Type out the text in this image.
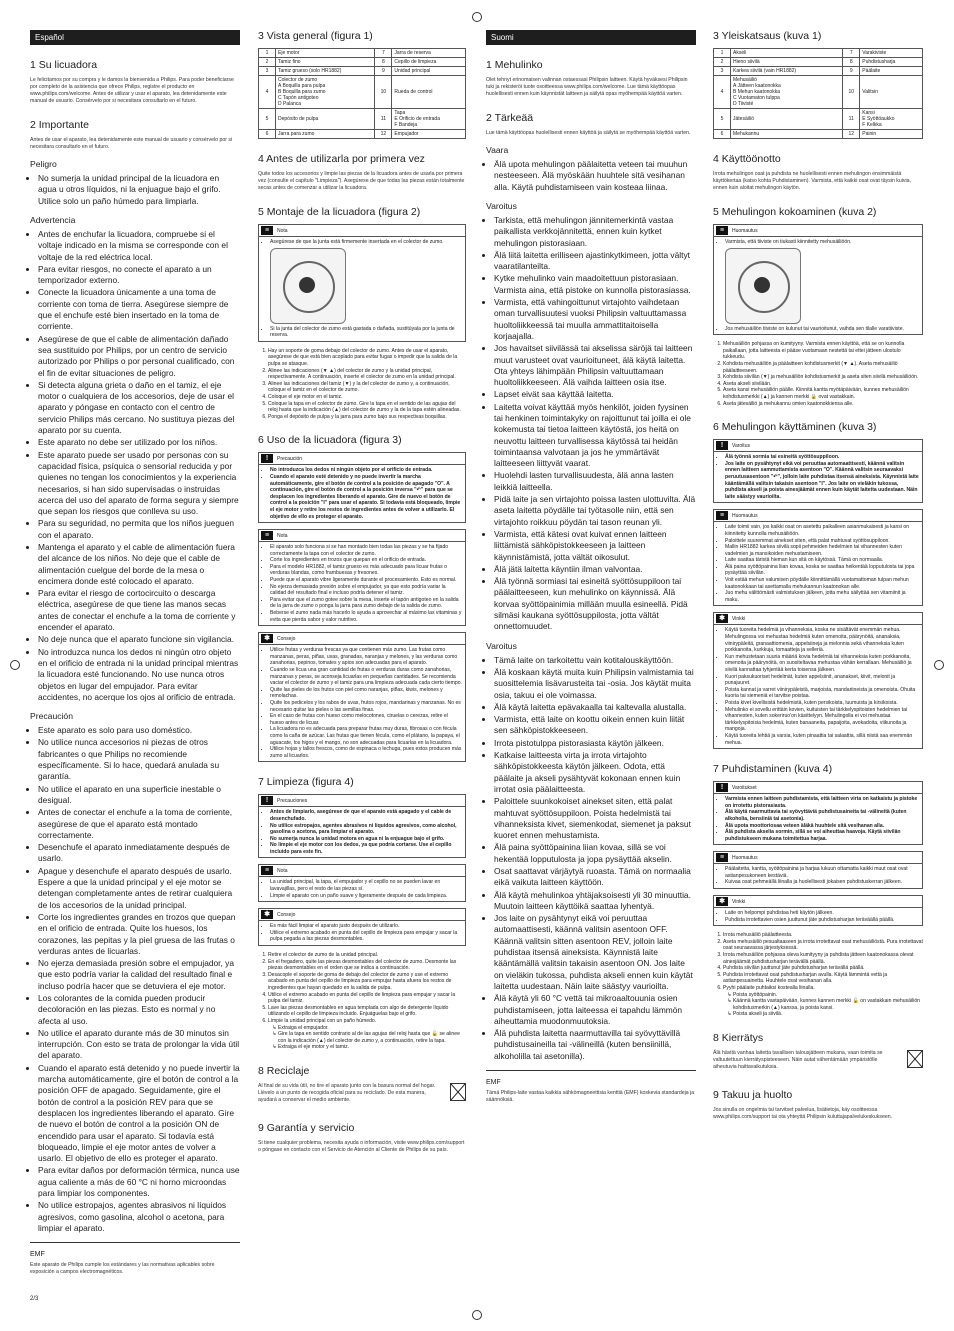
Español
1 Su licuadora

Le felicitamos por su compra y le damos la bienvenida a Philips. Para poder beneficiarse por completo de la asistencia que ofrece Philips, registre el producto en www.philips.com/welcome. Antes de utilizar y usar el aparato, lea detenidamente este manual de usuario. Consérvelo por si necesitara consultarlo en el futuro.

2 Importante

Antes de usar el aparato, lea detenidamente este manual de usuario y consérvelo por si necesitara consultarlo en el futuro.

Peligro
• No sumerja la unidad principal de la licuadora en agua u otros líquidos, ni la enjuague bajo el grifo. Utilice solo un paño húmedo para limpiarla.
Advertencia
• Antes de enchufar la licuadora, compruebe si el voltaje indicado en la misma se corresponde con el voltaje de la red eléctrica local.
• Para evitar riesgos, no conecte el aparato a un temporizador externo.
• Conecte la licuadora únicamente a una toma de corriente con toma de tierra. Asegúrese siempre de que el enchufe esté bien insertado en la toma de corriente.
• Asegúrese de que el cable de alimentación dañado sea sustituido por Philips, por un centro de servicio autorizado por Philips o por personal cualificado, con el fin de evitar situaciones de peligro.
• Si detecta alguna grieta o daño en el tamiz, el eje motor o cualquiera de los accesorios, deje de usar el aparato y póngase en contacto con el centro de servicio Philips más cercano. No sustituya piezas del aparato por su cuenta.
• Este aparato no debe ser utilizado por los niños.
• Este aparato puede ser usado por personas con su capacidad física, psíquica o sensorial reducida y por quienes no tengan los conocimientos y la experiencia necesarios, si han sido supervisadas o instruidas acerca del uso del aparato de forma segura y siempre que sepan los riesgos que conlleva su uso.
• Para su seguridad, no permita que los niños jueguen con el aparato.
• Mantenga el aparato y el cable de alimentación fuera del alcance de los niños. No deje que el cable de alimentación cuelgue del borde de la mesa o encimera donde esté colocado el aparato.
• Para evitar el riesgo de cortocircuito o descarga eléctrica, asegúrese de que tiene las manos secas antes de conectar el enchufe a la toma de corriente y encender el aparato.
• No deje nunca que el aparato funcione sin vigilancia.
• No introduzca nunca los dedos ni ningún otro objeto en el orificio de entrada ni la unidad principal mientras la licuadora esté funcionando. No use nunca otros objetos en lugar del empujador. Para evitar accidentes, no acerque los ojos al orificio de entrada.
Precaución
• Este aparato es solo para uso doméstico.
• No utilice nunca accesorios ni piezas de otros fabricantes o que Philips no recomiende específicamente. Si lo hace, quedará anulada su garantía.
• No utilice el aparato en una superficie inestable o desigual.
• Antes de conectar el enchufe a la toma de corriente, asegúrese de que el aparato está montado correctamente.
• Desenchufe el aparato inmediatamente después de usarlo.
• Apague y desenchufe el aparato después de usarlo. Espere a que la unidad principal y el eje motor se detengan completamente antes de retirar cualquiera de los accesorios de la unidad principal.
• Corte los ingredientes grandes en trozos que quepan en el orificio de entrada. Quite los huesos, los corazones, las pepitas y la piel gruesa de las frutas o verduras antes de licuarlas.
• No ejerza demasiada presión sobre el empujador, ya que esto podría variar la calidad del resultado final e incluso podría hacer que se detuviera el eje motor.
• Los colorantes de la comida pueden producir decoloración en las piezas. Esto es normal y no afecta al uso.
• No utilice el aparato durante más de 30 minutos sin interrupción. Con esto se trata de prolongar la vida útil del aparato.
• Cuando el aparato está detenido y no puede invertir la marcha automáticamente, gire el botón de control a la posición OFF de apagado. Seguidamente, gire el botón de control a la posición REV para que se desplacen los ingredientes liberando el aparato. Gire de nuevo el botón de control a la posición ON de encendido para usar el aparato. Si todavía está bloqueado, limpie el eje motor antes de volver a usarlo. El objetivo de ello es proteger el aparato.
• Para evitar daños por deformación térmica, nunca use agua caliente a más de 60 °C ni horno microondas para limpiar los componentes.
• No utilice estropajos, agentes abrasivos ni líquidos agresivos, como gasolina, alcohol o acetona, para limpiar el aparato.
EMF

Este aparato de Philips cumple los estándares y las normativas aplicables sobre exposición a campos electromagnéticos.

3 Vista general (figura 1)
1	Eje motor	7	Jarra de reserva
2	Tamiz fino	8	Cepillo de limpieza
3	Tamiz grueso (solo HR1882)	9	Unidad principal
4	Colector de zumo
A Boquilla para pulpa
B Boquilla para zumo
C Tapón antigoteo
D Palanca	10	Rueda de control
5	Depósito de pulpa	11	Tapa
E Orificio de entrada
F Bandeja
6	Jarra para zumo	12	Empujador
4 Antes de utilizarla por primera vez

Quite todos los accesorios y limpie las piezas de la licuadora antes de usarla por primera vez (consulte el capítulo "Limpieza"). Asegúrese de que todas las piezas están totalmente secas antes de comenzar a utilizar la licuadora.

5 Montaje de la licuadora (figura 2)
≡	Nota
• Asegúrese de que la junta está firmemente insertada en el colector de zumo.
• Si la junta del colector de zumo está gastada o dañada, sustitúyala por la junta de reserva.
1. Hay un soporte de goma debajo del colector de zumo. Antes de usar el aparato, asegúrese de que está bien acoplado para evitar fugas o impedir que la salida de la pulpa se atasque.
2. Alinee las indicaciones (▼ ▲) del colector de zumo y la unidad principal, respectivamente. A continuación, inserte el colector de zumo en la unidad principal.
3. Alinee las indicaciones del tamiz (▼) y la del colector de zumo y, a continuación, coloque el tamiz en el colector de zumo.
4. Coloque el eje motor en el tamiz.
5. Coloque la tapa en el colector de zumo. Gire la tapa en el sentido de las agujas del reloj hasta que la indicación (▲) del colector de zumo y la de la tapa estén alineadas.
6. Ponga el depósito de pulpa y la jarra para zumo bajo sus respectivas boquillas.
6 Uso de la licuadora (figura 3)
!	Precaución
• No introduzca los dedos ni ningún objeto por el orificio de entrada.
• Cuando el aparato esté detenido y no puede invertir la marcha automáticamente, gire el botón de control a la posición de apagado "O". A continuación, gire el botón de control a la posición inversa "↶" para que se desplacen los ingredientes liberando el aparato. Gire de nuevo el botón de control a la posición "I" para usar el aparato. Si todavía está bloqueado, limpie el eje motor y retire los restos de ingredientes antes de volver a utilizarlo. El objetivo de ello es proteger el aparato.
≡	Nota
• El aparato solo funciona si se han montado bien todas las piezas y se ha fijado correctamente la tapa con el colector de zumo.
• Corte los ingredientes en trozos que quepan en el orificio de entrada.
• Para el modelo HR1882, el tamiz grueso es más adecuado para licuar frutas o verduras blandas, como frambuesas y fresones.
• Puede que el aparato vibre ligeramente durante el procesamiento. Esto es normal.
• No ejerza demasiada presión sobre el empujador, ya que esto podría variar la calidad del resultado final e incluso podría detener el tamiz.
• Para evitar que el zumo gotee sobre la mesa, inserte el tapón antigoteo en la salida de la jarra de zumo o ponga la jarra para zumo debajo de la salida de zumo.
• Beberse el zumo nada más hacerlo lo ayuda a aprovechar al máximo las vitaminas y evita que pierda sabor y valor nutritivo.
✱	Consejo
• Utilice frutas y verduras frescas ya que contienen más zumo. Las frutas como manzanas, peras, piñas, uvas, granadas, naranjas y melones, y las verduras como zanahorias, pepinos, tomates y apios son adecuadas para el aparato.
• Cuando se licua una gran cantidad de frutas o verduras duras como zanahorias, manzanas y peras, se aconseja licuarlas en pequeñas cantidades. Se recomienda vaciar el colector de zumo y el tamiz para una limpieza adecuada cada cierto tiempo.
• Quite las pieles de los frutos con piel como naranjas, piñas, kiwis, melones y remolachas.
• Quite los pedicelos y los rabos de uvas, frutos rojos, mandarinas y manzanas. No es necesario quitar las pieles o las semillas finas.
• En el caso de frutas con hueso como melocotones, ciruelas o cerezas, retire el hueso antes de licuar.
• La licuadora no es adecuada para preparar frutas muy duras, fibrosas o con fécula como la caña de azúcar. Las frutas que tienen fécula, como el plátano, la papaya, el aguacate, los higos y el mango, no son adecuadas para licuarlas en la licuadora.
• Utilice hojas y tallos frescos, como de espinaca o lechuga, pues estos producen más zumo al licuarlos.
7 Limpieza (figura 4)
!	Precauciones
• Antes de limpiarlo, asegúrese de que el aparato está apagado y el cable de desenchufado.
• No utilice estropajos, agentes abrasivos ni líquidos agresivos, como alcohol, gasolina o acetona, para limpiar el aparato.
• No sumerja nunca la unidad motora en agua ni la enjuague bajo el grifo.
• No limpie el eje motor con los dedos, ya que podría cortarse. Use el cepillo incluido para este fin.
≡	Nota
• La unidad principal, la tapa, el empujador y el cepillo no se pueden lavar en lavavajillas, pero el resto de las piezas sí.
• Limpie el aparato con un paño suave y ligeramente después de cada limpieza.
✱	Consejo
• Es más fácil limpiar el aparato justo después de utilizarlo.
• Utilice el extremo acabado en punta del cepillo de limpieza para empujar y sacar la pulpa pegada a las piezas desmontables.
1. Retire el colector de zumo de la unidad principal.
2. En el fregadero, quite las piezas desmontables del colector de zumo. Desmonte las piezas desmontables en el orden que se indica a continuación.
3. Desacople el soporte de goma de debajo del colector de zumo y use el extremo acabado en punta del cepillo de limpieza para empujar hasta afuera los restos de ingredientes que hayan quedado en la salida de pulpa.
4. Utilice el extremo acabado en punta del cepillo de limpieza para empujar y sacar la pulpa del tamiz.
5. Lave las piezas desmontables en agua templada con algo de detergente líquido utilizando el cepillo de limpieza incluido. Enjuáguelas bajo el grifo.
6. Limpie la unidad principal con un paño húmedo.
↳ Extraiga el empujador.
↳ Gire la tapa en sentido contrario al de las agujas del reloj hasta que 🔓 se alinee con la indicación (▲) del colector de zumo y, a continuación, retire la tapa.
↳ Extraiga el eje motor y el tamiz.
8 Reciclaje

Al final de su vida útil, no tire el aparato junto con la basura normal del hogar. Llévelo a un punto de recogida oficial para su reciclado. De esta manera, ayudará a conservar el medio ambiente.

9 Garantía y servicio

Si tiene cualquier problema, necesita ayuda o información, visite www.philips.com/support o póngase en contacto con el Servicio de Atención al Cliente de Philips de su país.

Suomi
1 Mehulinko

Olet tehnyt erinomaisen valinnan ostaessasi Philipsin laitteen. Käytä hyväksesi Philipsin tuki ja rekisteröi tuote osoitteessa www.philips.com/welcome. Lue tämä käyttöopas huolellisesti ennen kuin käynnistät laitteen ja säilytä opas myöhempää käyttöä varten.

2 Tärkeää

Lue tämä käyttöopas huolellisesti ennen käyttöä ja säilytä se myöhempää käyttöä varten.

Vaara
• Älä upota mehulingon päälaitetta veteen tai muuhun nesteeseen. Älä myöskään huuhtele sitä vesihanan alla. Käytä puhdistamiseen vain kosteaa liinaa.
Varoitus
• Tarkista, että mehulingon jännitemerkintä vastaa paikallista verkkojännitettä, ennen kuin kytket mehulingon pistorasiaan.
• Älä liitä laitetta erilliseen ajastinkytkimeen, jotta vältyt vaaratilanteilta.
• Kytke mehulinko vain maadoitettuun pistorasiaan. Varmista aina, että pistoke on kunnolla pistorasiassa.
• Varmista, että vahingoittunut virtajohto vaihdetaan oman turvallisuutesi vuoksi Philipsin valtuuttamassa huoltoliikkeessä tai muulla ammattitaitoisella korjaajalla.
• Jos havaitset siivilässä tai akselissa säröjä tai laitteen muut varusteet ovat vaurioituneet, älä käytä laitetta. Ota yhteys lähimpään Philipsin valtuuttamaan huoltoliikkeeseen. Älä vaihda laitteen osia itse.
• Lapset eivät saa käyttää laitetta.
• Laitetta voivat käyttää myös henkilöt, joiden fyysinen tai henkinen toimintakyky on rajoittunut tai joilla ei ole kokemusta tai tietoa laitteen käytöstä, jos heitä on neuvottu laitteen turvallisessa käytössä tai heidän toimintaansa valvotaan ja jos he ymmärtävät laitteeseen liittyvät vaarat.
• Huolehdi lasten turvallisuudesta, älä anna lasten leikkiä laitteella.
• Pidä laite ja sen virtajohto poissa lasten ulottuvilta. Älä aseta laitetta pöydälle tai työtasolle niin, että sen virtajohto roikkuu pöydän tai tason reunan yli.
• Varmista, että kätesi ovat kuivat ennen laitteen liittämistä sähköpistokkeeseen ja laitteen käynnistämistä, jotta vältät oikosulut.
• Älä jätä laitetta käyntiin ilman valvontaa.
• Älä työnnä sormiasi tai esineitä syöttösuppiloon tai päälaitteeseen, kun mehulinko on käynnissä. Älä korvaa syöttöpainimia millään muulla esineellä. Pidä silmäsi kaukana syöttösuppilosta, jotta vältät onnettomuudet.
Varoitus
• Tämä laite on tarkoitettu vain kotitalouskäyttöön.
• Älä koskaan käytä muita kuin Philipsin valmistamia tai suosittelemia lisävarusteita tai -osia. Jos käytät muita osia, takuu ei ole voimassa.
• Älä käytä laitetta epävakaalla tai kaltevalla alustalla.
• Varmista, että laite on koottu oikein ennen kuin liität sen sähköpistokkeeseen.
• Irrota pistotulppa pistorasiasta käytön jälkeen.
• Katkaise laitteesta virta ja irrota virtajohto sähköpistokkeesta käytön jälkeen. Odota, että päälaite ja akseli pysähtyvät kokonaan ennen kuin irrotat osia päälaitteesta.
• Paloittele suunkokoiset ainekset siten, että palat mahtuvat syöttösuppiloon. Poista hedelmistä tai vihanneksista kivet, siemenkodat, siemenet ja paksut kuoret ennen mehustamista.
• Älä paina syöttöpainina liian kovaa, sillä se voi hekentää lopputulosta ja jopa pysäyttää akselin.
• Osat saattavat värjäytyä ruoasta. Tämä on normaalia eikä vaikuta laitteen käyttöön.
• Älä käytä mehulinkoa yhtäjaksoisesti yli 30 minuuttia. Muutoin laitteen käyttöikä saattaa lyhentyä.
• Jos laite on pysähtynyt eikä voi peruuttaa automaattisesti, käännä valitsin asentoon OFF. Käännä valitsin sitten asentoon REV, jolloin laite puhdistaa itsensä aineksista. Käynnistä laite kääntämällä valitsin takaisin asentoon ON. Jos laite on vieläkin tukossa, puhdista akseli ennen kuin käytät laitetta uudestaan. Näin laite säästyy vaurioilta.
• Älä käytä yli 60 °C vettä tai mikroaaltouunia osien puhdistamiseen, jotta laiteessa ei tapahdu lämmön aiheuttamia muodonmuutoksia.
• Älä puhdista laitetta naarmuttavilla tai syövyttävillä puhdistusaineilla tai -välineillä (kuten bensiinillä, alkoholilla tai asetonilla).
EMF

Tämä Philips-laite vastaa kaikkia sähkömagneettisia kenttiä (EMF) koskevia standardeja ja säännöksiä.

3 Yleiskatsaus (kuva 1)
1	Akseli	7	Varakiviste
2	Hieno siivilä	8	Puhdistusharja
3	Karkea siivilä (vain HR1882)	9	Päälaite
4	Mehusäiliö
A Jätteen kaatonokka
B Mehun kaatonokka
C Vuotamaton tulppa
D Tiivisté	10	Valitsin
5	Jätesäiliö	11	Kansi
E Syöttöaukko
F Kelkka
6	Mehukannu	12	Painin
4 Käyttöönotto

Irrota mehulingon osat ja puhdista ne huolellisesti ennen mehulingon ensimmäistä käyttökertaa (katso kohta Puhdistaminen). Varmista, että kaikki osat ovat täysin kuivia, ennen kuin aloitat mehulingon käytön.

5 Mehulingon kokoaminen (kuva 2)
≡	Huomautus
• Varmista, että tiiviste on tiukasti kiinnitetty mehusäiliöön.
• Jos mehusäiliön tiiviste on kulunut tai vaurioitunut, vaihda sen tilalle varatiiviste.
1. Mehusäiliön pohjassa on kumityyny. Varmista ennen käyttöä, että se on kunnolla paikallaan, jotta laitteesta ei pääse vuotamaan nestettä tai ettei jätteen ulostulo tukkeudu.
2. Kohdista mehusäiliön ja päälaitteen kohdistusmerkit (▼ ▲). Aseta mehusäiliö päälaitteeseen.
3. Kohdista siivilän (▼) ja mehusäiliön kohdistusmerkit ja aseta siten siivilä mehusäiliöön.
4. Aseta akseli siivilään.
5. Aseta kansi mehusäiliön päälle. Kiinnitä kantta myötäpäivään, kunnes mehusäiliön kohdistusmerkki (▲) ja kannen merkki 🔒 ovat vastakkain.
6. Aseta jätesäiliö ja mehukannu omien kaatonokkiensa alle.
6 Mehulingon käyttäminen (kuva 3)
!	Varoitus
• Älä työnnä sormia tai esineitä syöttösuppiloon.
• Jos laite on pysähtynyt eikä voi peruuttaa automaattisesti, käännä valitsin ennen laitteen sammuttamista asentoon "O". Käännä valitsin seuraavaksi peruutusasentoon "↶", jolloin laite puhdistaa itsensä aineksista. Käynnistä laite kääntämällä valitsin takaisin asentoon "I". Jos laite on vieläkin tukossa, puhdista akseli ja poista ainesjäämät ennen kuin käytät laitetta uudestaan. Näin laite säästyy vaurioilta.
≡	Huomautus
• Laite toimii vain, jos kaikki osat on asetettu paikalleen asianmukaisesti ja kansi on kiinnitetty kunnolla mehusäiliöön.
• Paloittele suuremmat ainekset siten, että palat mahtuvat syöttösuppiloon.
• Mallin HR1882 karkea siivilä sopii pehmeiden hedelmien tai vihannesten kuten vadelmien ja mansikoiden mehustamiseen.
• Laite saattaa täristä hieman kun sitä on käytössä. Tämä on normaalia.
• Älä paina syöttöpainina liian kovaa, koska se saattaa heikentää lopputulosta tai jopa pysäyttää siivilän.
• Voit estää mehun valumisen pöydälle kiinnittämällä vuotamattoman tulpan mehun kaatonokkaan tai asettamalla mehukannun kaatonokan alle.
• Juo mehu välittömästi valmistuksen jälkeen, jotta mehu säilyttää sen vitamiinit ja maku.
✱	Vinkki
• Käytä tuoreita hedelmiä ja vihanneksia, koska ne sisältävät enemmän mehua. Mehulingossa voi mehustaa hedelmiä kuten omenoita, päärynöitä, ananaksia, viinirypäleitä, granaattiomenia, appelsiineja ja melonnia sekä vihanneksia kuten porkkanoita, kurkkuja, tomaatteja ja selleriä.
• Kun mehustetaan suuria määriä kovia hedelmiä tai vihanneksia kuten porkkanoita, omenoita ja päärynöitä, on suositeltavaa mehustaa vähän kerrallaan. Mehusäiliö ja siivilä kannattaa tyhjentää kerta toisensa jälkeen.
• Kuori paksukuoriset hedelmät, kuten appelsiinit, ananakset, kiivit, melonit ja punajuuret.
• Poista kannat ja varret viinirypäleistä, marjoista, mandariineista ja omenoista. Ohuita kuoria tai siemeniä ei tarvitse poistaa.
• Poista kivet kivellisistä hedelmistä, kuten persikoista, luumuista ja kirsikoista.
• Mehulinko ei sovellu erittäin kovien, kuituisten tai tärkkelyspitoisten hedelmien tai vihannesten, kuten sokeriruo'on käsittelyyn. Mehulingolla ei voi mehustaa tärkkelyspitoisia hedelmiä, kuten banaaneita, papaijoita, avokadoita, viikunoita ja mangoja.
• Käytä tuoreita lehtiä ja varsia, kuten pinaattia tai salaattia, sillä niistä saa enemmän mehua.
7 Puhdistaminen (kuva 4)
!	Varoitukset
• Varmista ennen laitteen puhdistamista, että laitteen virta on katkaistu ja pistoke on irrotettu pistorasiasta.
• Älä käytä naarmuttavia tai syövyttäviä puhdistusaineita tai -välineitä (kuten alkoholia, bensiiniä tai asetonia).
• Älä upota moottoriosaa veteen äläkä huuhtele sitä vesihanan alla.
• Älä puhdista akselia sormin, sillä se voi aiheuttaa haavoja. Käytä siivilän puhdistukseen mukana toimitettua harjaa.
≡	Huomautus
• Päälaitetta, kantta, syöttöpainina ja harjaa lukuun ottamatta kaikki muut osat ovat astianpesukoneen kestäviä.
• Kuivaa osat pehmeällä liinalla ja huolellisesti jokaisen puhdistuskerran jälkeen.
✱	Vinkki
• Laite on helpompi puhdistaa heti käytön jälkeen.
• Puhdista irrotettavien osien juuttunut jäte puhdistusharjan teräväällä päällä.
1. Irrota mehusäiliö päälaitteesta.
2. Aseta mehusäiliö pesualtaaseen ja irrota irrotettavat osat mehusäiliöstä. Pura irrotettavat osat seuraavassa järjestyksessä.
3. Irrota mehusäiliön pohjassa oleva kumityyny ja puhdista jätteen kaatonokassa olevat ainesjäämät puhdistusharjan terävällä päällä.
4. Puhdista siivilän juuttunut jäte puhdistusharjan terävällä päällä.
5. Puhdista irrotettavat osat puhdistusharjan avulla. Käytä lämmintä vettä ja astianpesuainetta. Huuhtele osat vesihanan alla.
6. Pyyhi päälaite puhtaiksi kostealla liinalla.
↳ Poista syöttöpainin.
↳ Käännä kantta vastapäivään, kunnes kannen merkki 🔓 on vastakkain mehusäiliön kohdistusmerkin (▲) kanssa, ja poista kansi.
↳ Poista akseli ja siivilä.
8 Kierrätys

Älä hävitä vanhaa laitetta tavallisen talousjätteen mukana, vaan toimita se valtuutettuun kierrätyspisteeseen. Näin autat vähentämään ympäristölle aiheutuvia haittavaikutuksia.

9 Takuu ja huolto

Jos sinulla on ongelmia tai tarvitset palvelua, lisätietoja, käy osoitteessa www.philips.com/support tai ota yhteyttä Philipsin kuluttajapalvelukeskukseen.

2/3
